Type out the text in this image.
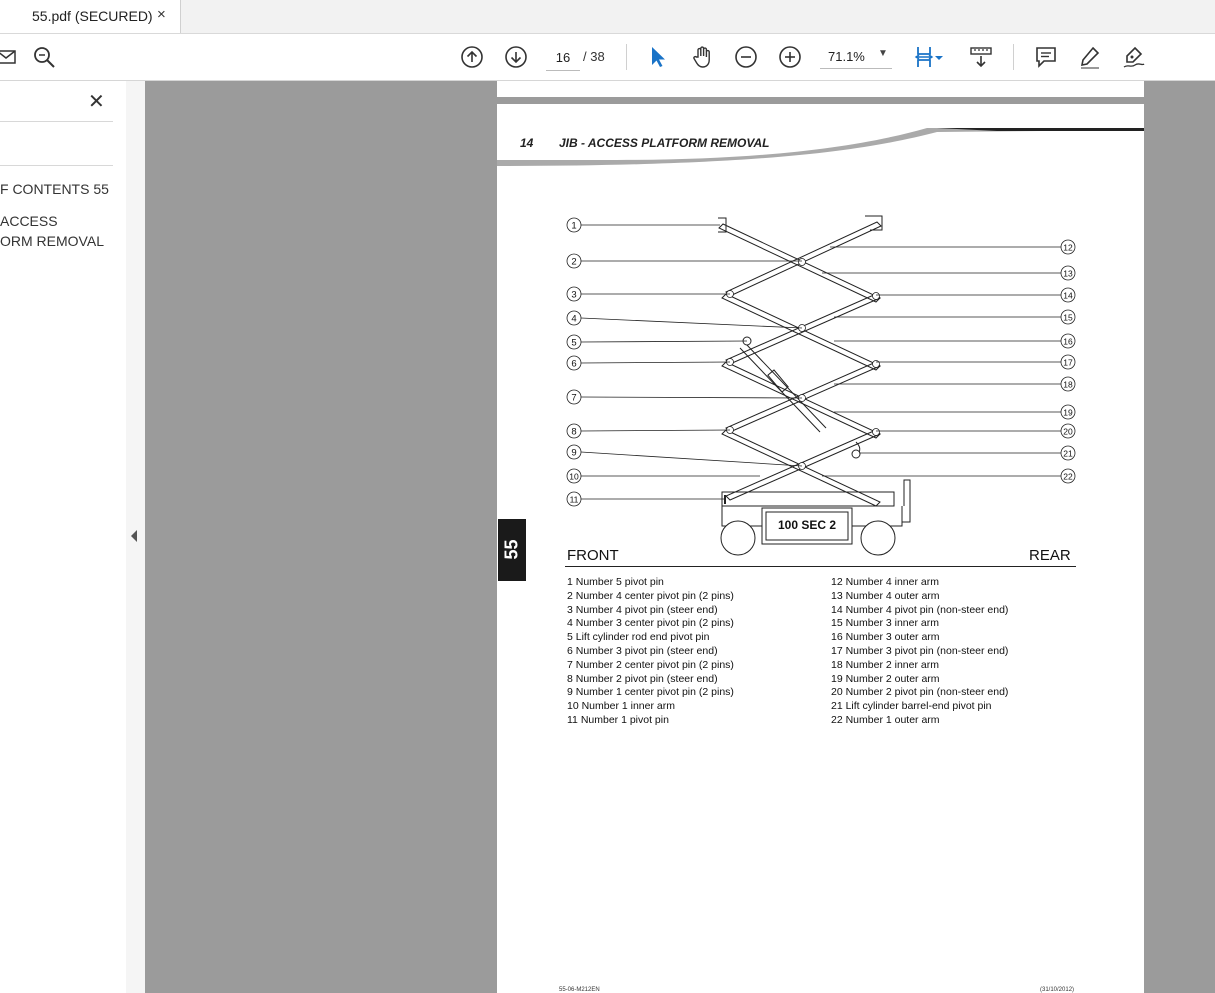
55.pdf (SECURED) ×
16
/ 38	71.1% ▼
✕
F CONTENTS 55
ACCESS
ORM REMOVAL
14 JIB - ACCESS PLATFORM REMOVAL
55
1
2
3
4
5
6
7
8
9
10
11
12
13
14
15
16
17
18
19
20
21
22
100 SEC 2
FRONT	REAR
1 Number 5 pivot pin
2 Number 4 center pivot pin (2 pins)
3 Number 4 pivot pin (steer end)
4 Number 3 center pivot pin (2 pins)
5 Lift cylinder rod end pivot pin
6 Number 3 pivot pin (steer end)
7 Number 2 center pivot pin (2 pins)
8 Number 2 pivot pin (steer end)
9 Number 1 center pivot pin (2 pins)
10 Number 1 inner arm
11 Number 1 pivot pin
12 Number 4 inner arm
13 Number 4 outer arm
14 Number 4 pivot pin (non-steer end)
15 Number 3 inner arm
16 Number 3 outer arm
17 Number 3 pivot pin (non-steer end)
18 Number 2 inner arm
19 Number 2 outer arm
20 Number 2 pivot pin (non-steer end)
21 Lift cylinder barrel-end pivot pin
22 Number 1 outer arm
55-06-M212EN	(31/10/2012)
